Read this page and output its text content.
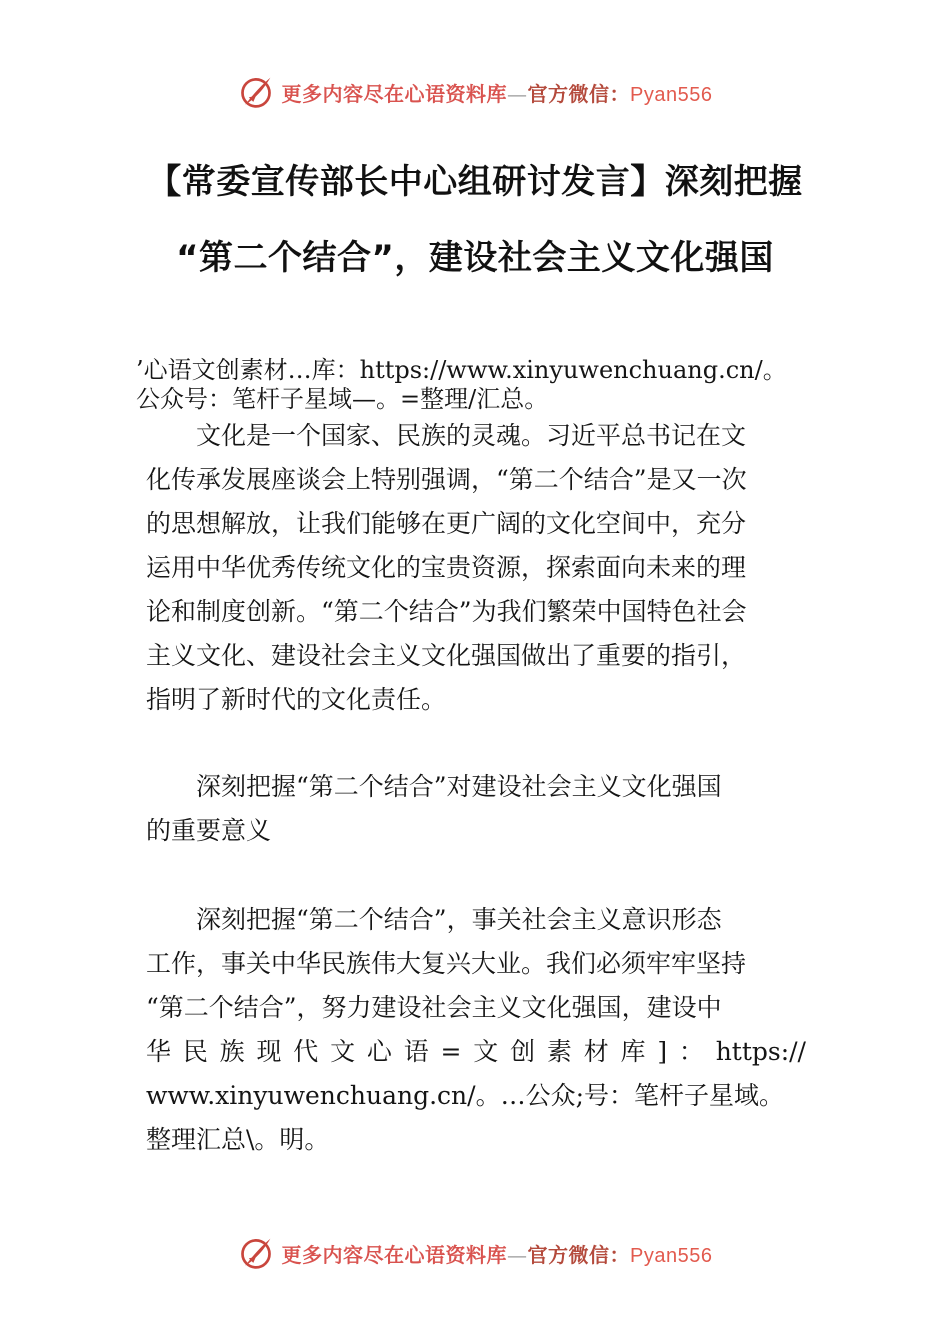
更多内容尽在心语资料库—官方微信：Pyan556
【常委宣传部长中心组研讨发言】深刻把握
“第二个结合”，建设社会主义文化强国
’心语文创素材…库：https://www.xinyuwenchuang.cn/。
公众号：笔杆子星域—。=整理/汇总。
　　文化是一个国家、民族的灵魂。习近平总书记在文
化传承发展座谈会上特别强调，“第二个结合”是又一次
的思想解放，让我们能够在更广阔的文化空间中，充分
运用中华优秀传统文化的宝贵资源，探索面向未来的理
论和制度创新。“第二个结合”为我们繁荣中国特色社会
主义文化、建设社会主义文化强国做出了重要的指引，
指明了新时代的文化责任。
　　深刻把握“第二个结合”对建设社会主义文化强国
的重要意义
　　深刻把握“第二个结合”，事关社会主义意识形态
工作，事关中华民族伟大复兴大业。我们必须牢牢坚持
“第二个结合”，努力建设社会主义文化强国，建设中
华 民 族 现 代 文 心 语 = 文 创 素 材 库 ] ： https://
www.xinyuwenchuang.cn/。…公众;号：笔杆子星域。
整理汇总\。明。
更多内容尽在心语资料库—官方微信：Pyan556
